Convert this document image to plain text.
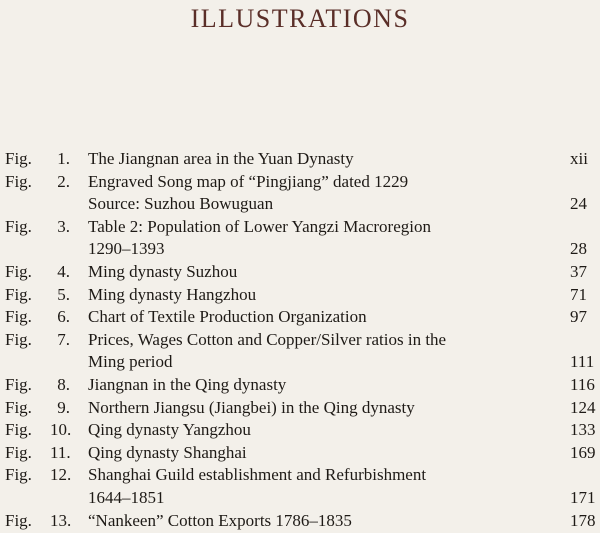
ILLUSTRATIONS
Fig.	1. The Jiangnan area in the Yuan Dynasty	xii
Fig.	2. Engraved Song map of “Pingjiang” dated 1229
Source: Suzhou Bowuguan	24
Fig.	3. Table 2: Population of Lower Yangzi Macroregion
1290–1393	28
Fig.	4. Ming dynasty Suzhou	37
Fig.	5. Ming dynasty Hangzhou	71
Fig.	6. Chart of Textile Production Organization	97
Fig.	7. Prices, Wages Cotton and Copper/Silver ratios in the
Ming period	111
Fig.	8. Jiangnan in the Qing dynasty	116
Fig.	9. Northern Jiangsu (Jiangbei) in the Qing dynasty	124
Fig. 10. Qing dynasty Yangzhou	133
Fig. 11. Qing dynasty Shanghai	169
Fig. 12. Shanghai Guild establishment and Refurbishment
1644–1851	171
Fig. 13. “Nankeen” Cotton Exports 1786–1835	178
